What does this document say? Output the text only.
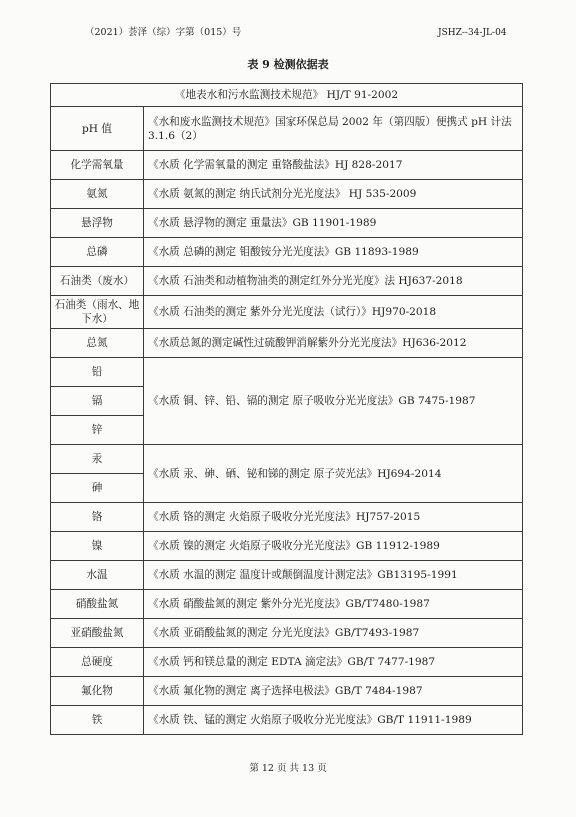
（2021）荟泽（综）字第（015）号	JSHZ--34-JL-04
表 9 检测依据表
《地表水和污水监测技术规范》 HJ/T 91-2002	
pH 值	《水和废水监测技术规范》国家环保总局 2002 年（第四版）便携式 pH 计法 3.1.6（2）
化学需氧量	《水质 化学需氧量的测定 重铬酸盐法》HJ 828-2017
氨氮	《水质 氨氮的测定 纳氏试剂分光光度法》 HJ 535-2009
悬浮物	《水质 悬浮物的测定 重量法》GB 11901-1989
总磷	《水质 总磷的测定 钼酸铵分光光度法》GB 11893-1989
石油类（废水）	《水质 石油类和动植物油类的测定红外分光光度》法 HJ637-2018
石油类（雨水、地下水）	《水质 石油类的测定 紫外分光光度法（试行）》HJ970-2018
总氮	《水质总氮的测定碱性过硫酸钾消解紫外分光光度法》HJ636-2012
铅	《水质 铜、锌、铅、镉的测定 原子吸收分光光度法》GB 7475-1987
镉	
锌	
汞	《水质 汞、砷、硒、铋和锑的测定 原子荧光法》HJ694-2014
砷	
铬	《水质 铬的测定 火焰原子吸收分光光度法》HJ757-2015
镍	《水质 镍的测定 火焰原子吸收分光光度法》GB 11912-1989
水温	《水质 水温的测定 温度计或颠倒温度计测定法》GB13195-1991
硝酸盐氮	《水质 硝酸盐氮的测定 紫外分光光度法》GB/T7480-1987
亚硝酸盐氮	《水质 亚硝酸盐氮的测定 分光光度法》GB/T7493-1987
总硬度	《水质 钙和镁总量的测定 EDTA 滴定法》GB/T 7477-1987
氟化物	《水质 氟化物的测定 离子选择电极法》GB/T 7484-1987
铁	《水质 铁、锰的测定 火焰原子吸收分光光度法》GB/T 11911-1989
第 12 页 共 13 页
